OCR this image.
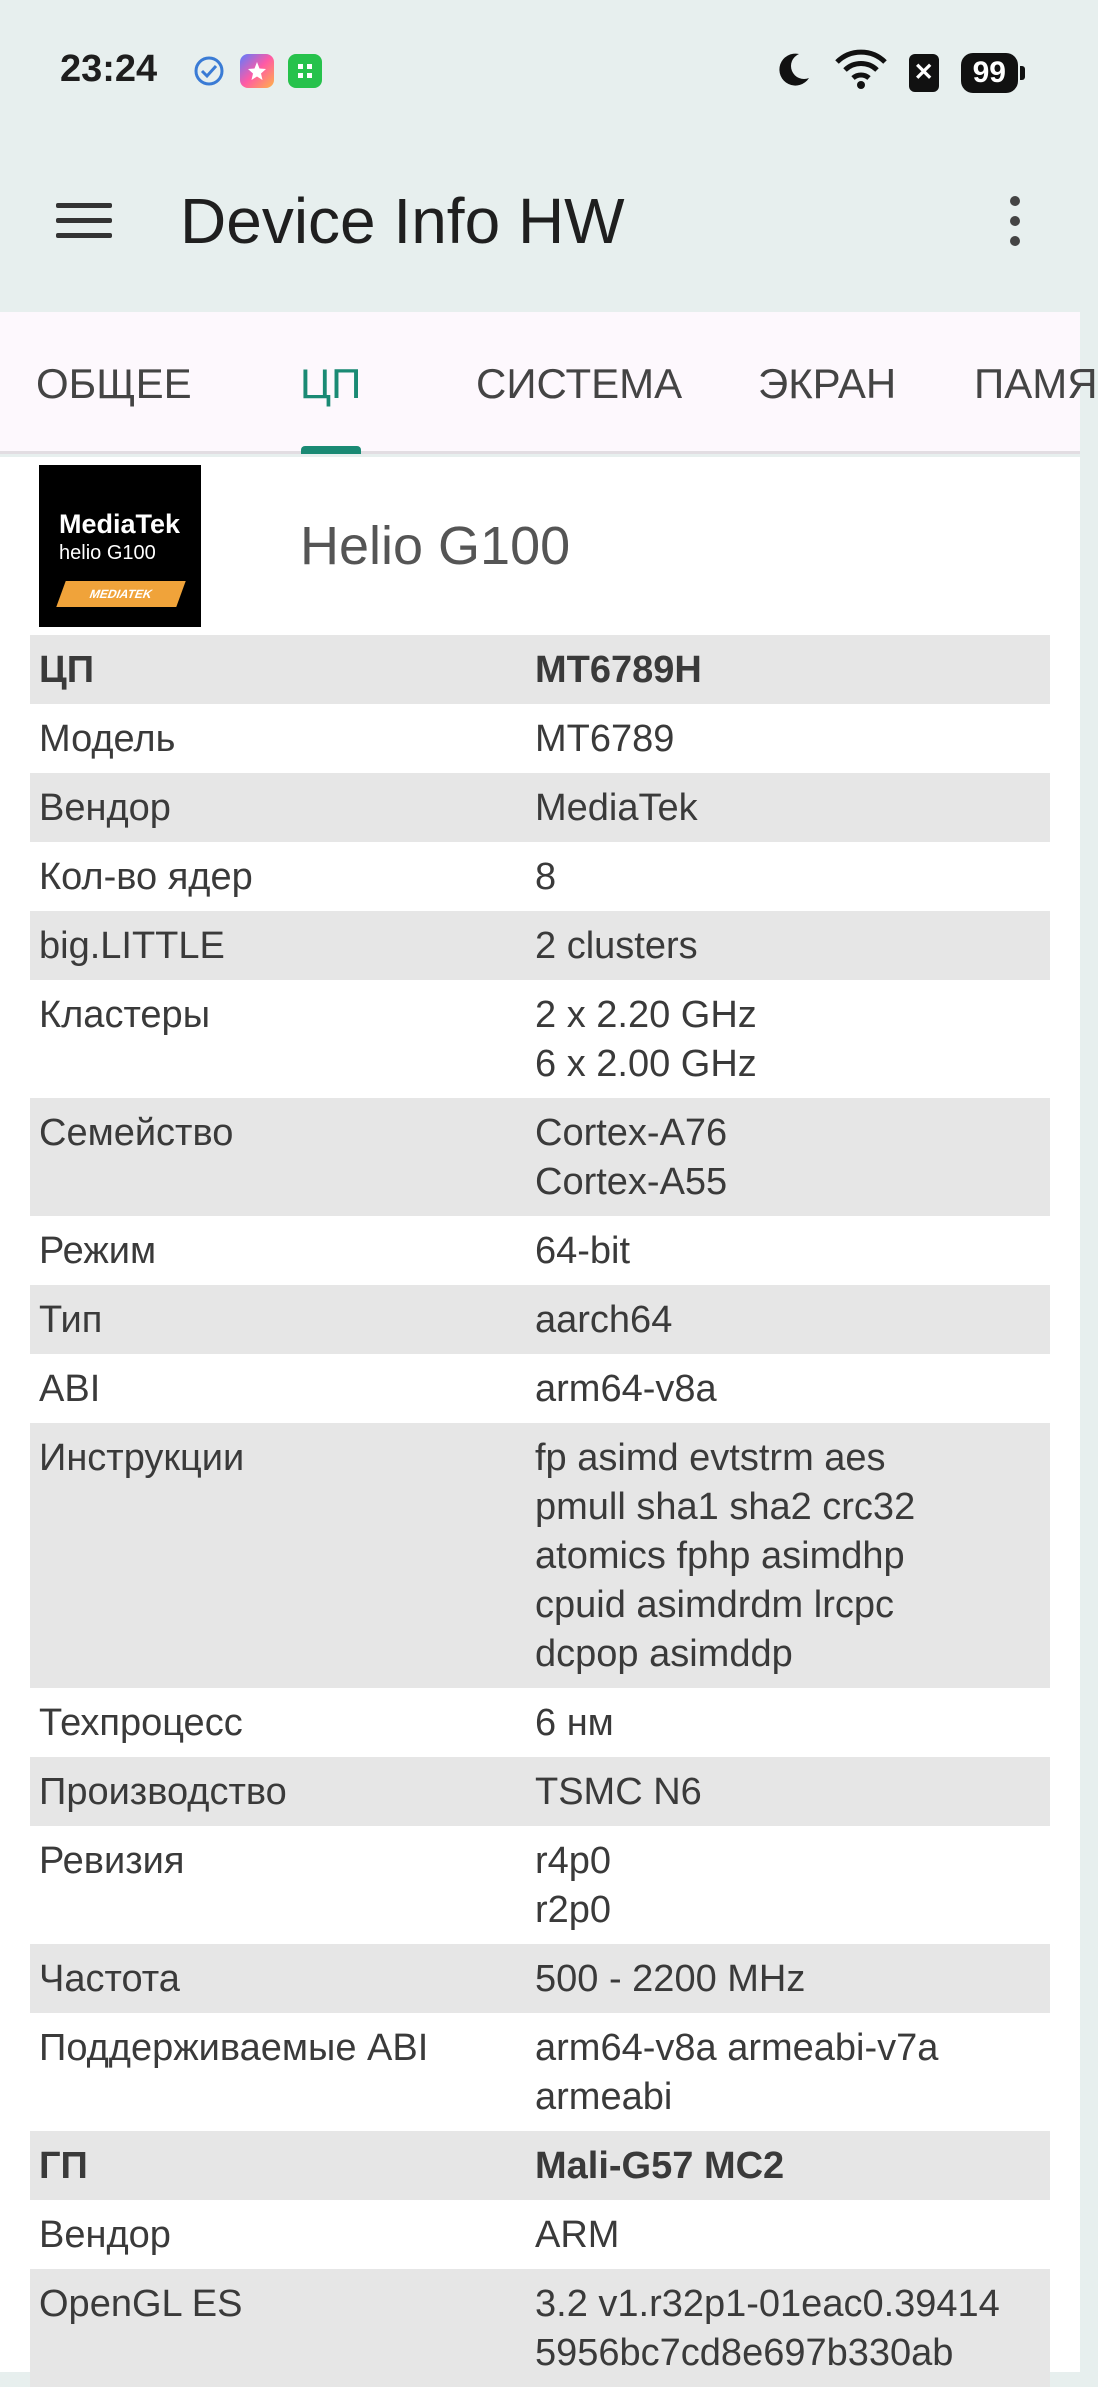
23:24	✕	99
Device Info HW
ОБЩЕЕ	ЦП	СИСТЕМА ЭКРАН ПАМЯ
MediaTek
helio G100
MEDIATEK
Helio G100
ЦП	MT6789H
Модель	MT6789
Вендор	MediaTek
Кол-во ядер	8
big.LITTLE	2 clusters
Кластеры	2 x 2.20 GHz
6 x 2.00 GHz
Семейство	Cortex-A76
Cortex-A55
Режим	64-bit
Тип	aarch64
ABI	arm64-v8a
Инструкции	fp asimd evtstrm aes
pmull sha1 sha2 crc32
atomics fphp asimdhp
cpuid asimdrdm lrcpc
dcpop asimddp
Техпроцесс	6 нм
Производство	TSMC N6
Ревизия	r4p0
r2p0
Частота	500 - 2200 MHz
Поддерживаемые ABI	arm64-v8a armeabi-v7a
armeabi
ГП	Mali-G57 MC2
Вендор	ARM
OpenGL ES	3.2 v1.r32p1-01eac0.39414
5956bc7cd8e697b330ab
